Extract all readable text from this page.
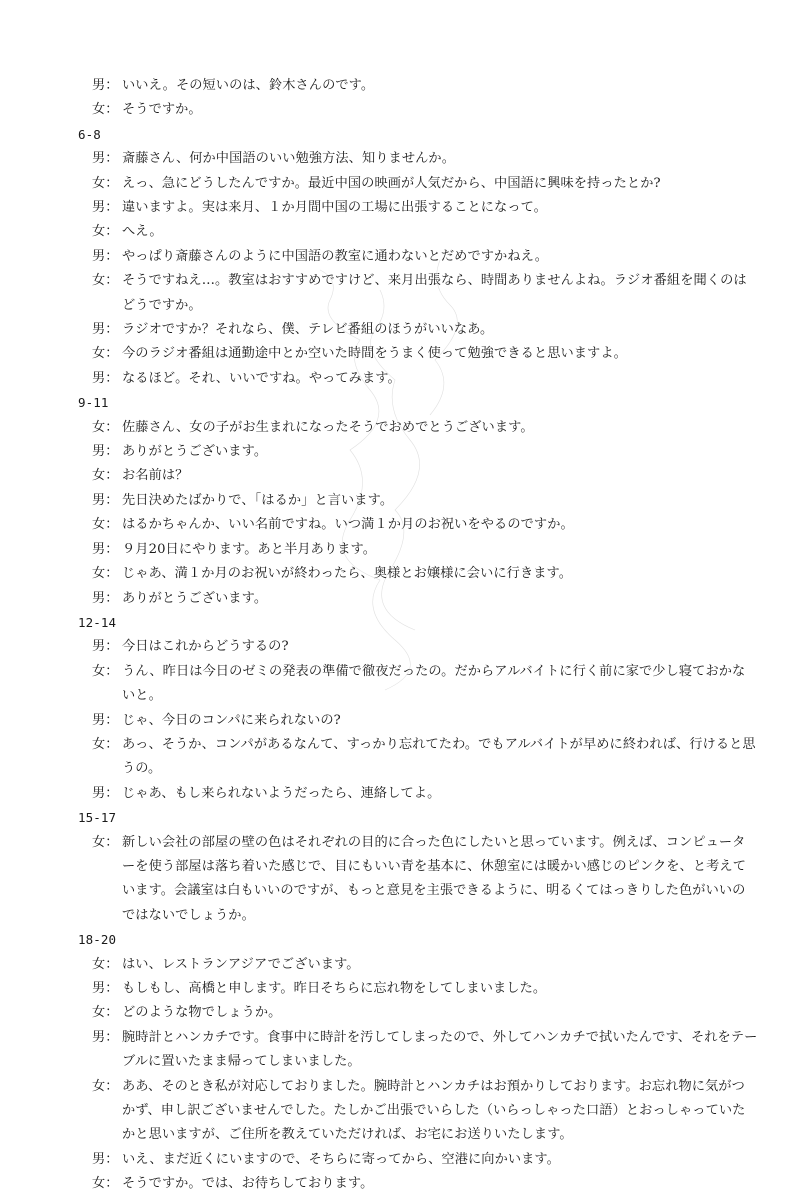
男： いいえ。その短いのは、鈴木さんのです。
女： そうですか。
6-8
男： 斎藤さん、何か中国語のいい勉強方法、知りませんか。
女： えっ、急にどうしたんですか。最近中国の映画が人気だから、中国語に興味を持ったとか?
男： 違いますよ。実は来月、１か月間中国の工場に出張することになって。
女： へえ。
男： やっぱり斎藤さんのように中国語の教室に通わないとだめですかねえ。
女： そうですねえ…。教室はおすすめですけど、来月出張なら、時間ありませんよね。ラジオ番組を聞くのはどうですか。
男： ラジオですか？それなら、僕、テレビ番組のほうがいいなあ。
女： 今のラジオ番組は通勤途中とか空いた時間をうまく使って勉強できると思いますよ。
男： なるほど。それ、いいですね。やってみます。
9-11
女： 佐藤さん、女の子がお生まれになったそうでおめでとうございます。
男： ありがとうございます。
女： お名前は？
男： 先日決めたばかりで、「はるか」と言います。
女： はるかちゃんか、いい名前ですね。いつ満１か月のお祝いをやるのですか。
男： ９月20日にやります。あと半月あります。
女： じゃあ、満１か月のお祝いが終わったら、奥様とお嬢様に会いに行きます。
男： ありがとうございます。
12-14
男： 今日はこれからどうするの?
女： うん、昨日は今日のゼミの発表の準備で徹夜だったの。だからアルバイトに行く前に家で少し寝ておかないと。
男： じゃ、今日のコンパに来られないの?
女： あっ、そうか、コンパがあるなんて、すっかり忘れてたわ。でもアルバイトが早めに終われば、行けると思うの。
男： じゃあ、もし来られないようだったら、連絡してよ。
15-17
女： 新しい会社の部屋の壁の色はそれぞれの目的に合った色にしたいと思っています。例えば、コンピューターを使う部屋は落ち着いた感じで、目にもいい青を基本に、休憩室には暖かい感じのピンクを、と考えています。会議室は白もいいのですが、もっと意見を主張できるように、明るくてはっきりした色がいいのではないでしょうか。
18-20
女： はい、レストランアジアでございます。
男： もしもし、高橋と申します。昨日そちらに忘れ物をしてしまいました。
女： どのような物でしょうか。
男： 腕時計とハンカチです。食事中に時計を汚してしまったので、外してハンカチで拭いたんです、それをテーブルに置いたまま帰ってしまいました。
女： ああ、そのとき私が対応しておりました。腕時計とハンカチはお預かりしております。お忘れ物に気がつかず、申し訳ございませんでした。たしかご出張でいらした（いらっしゃった口語）とおっしゃっていたかと思いますが、ご住所を教えていただければ、お宅にお送りいたします。
男： いえ、まだ近くにいますので、そちらに寄ってから、空港に向かいます。
女： そうですか。では、お待ちしております。
